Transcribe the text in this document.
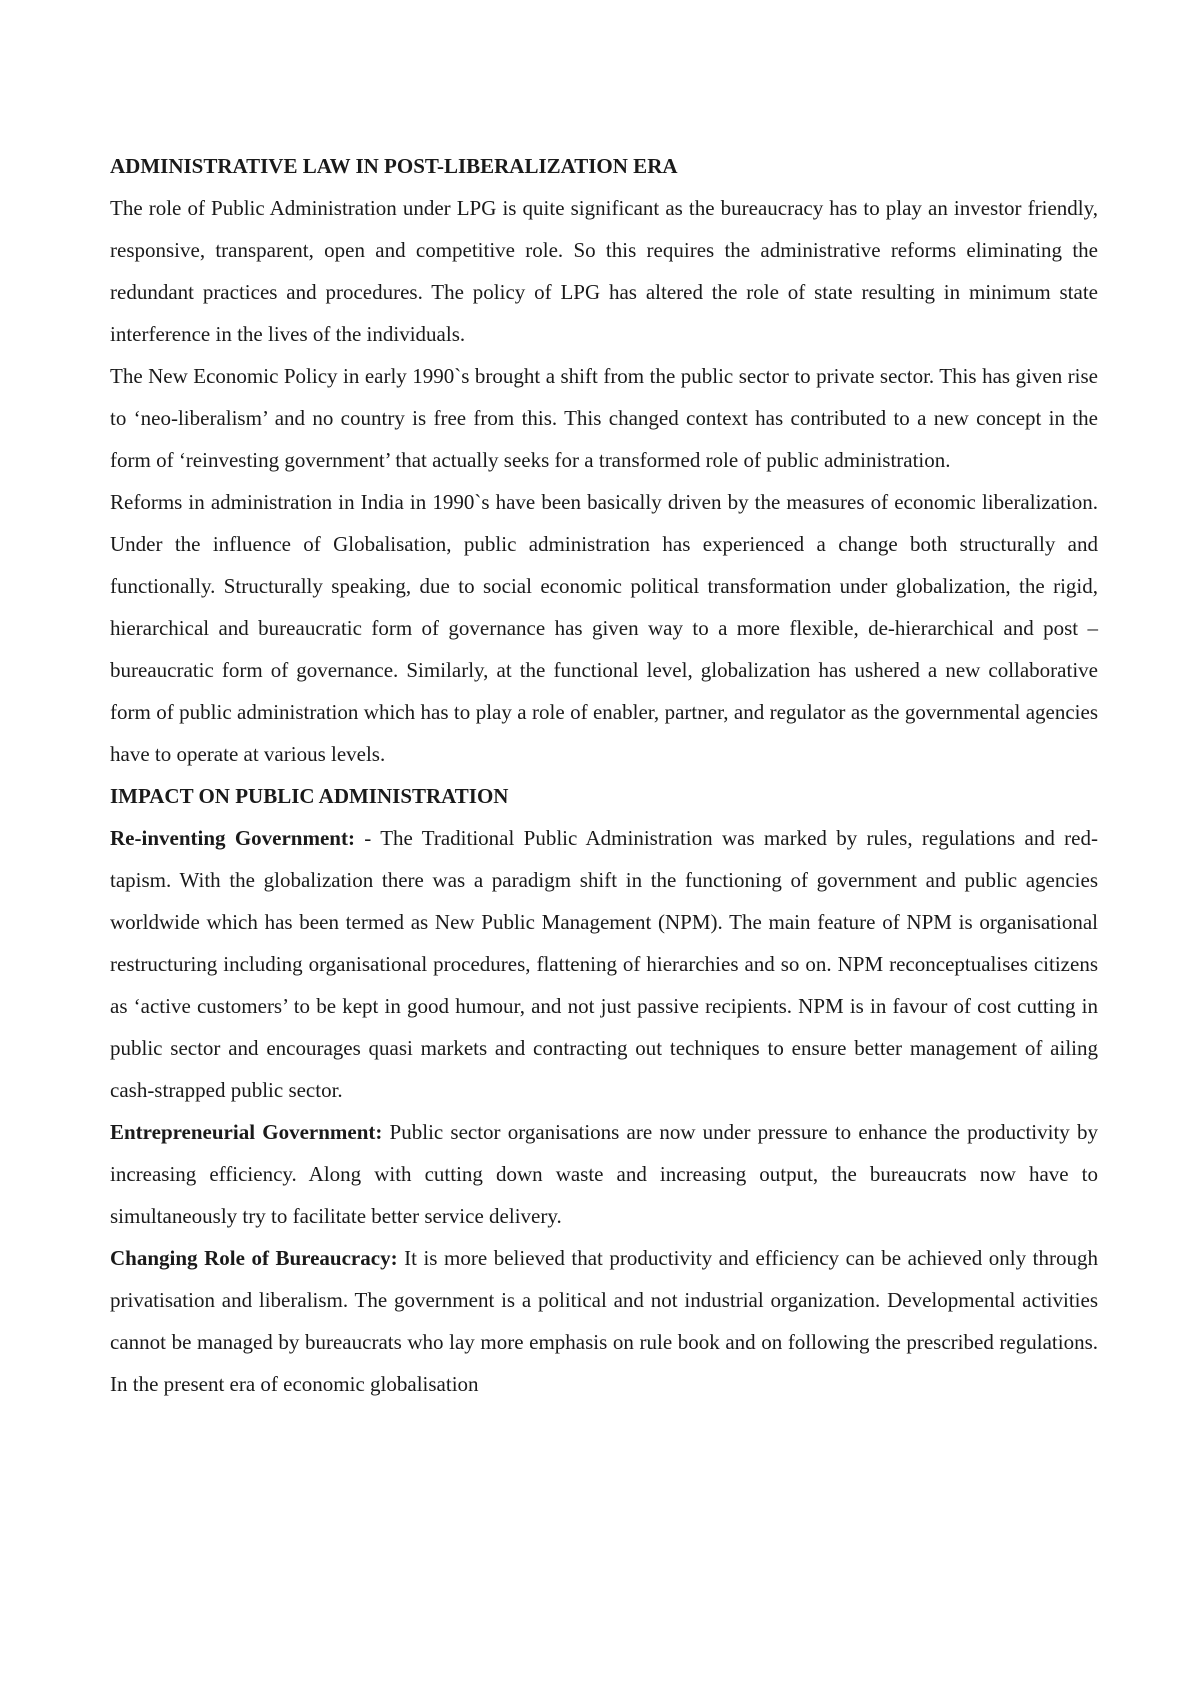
ADMINISTRATIVE LAW IN POST-LIBERALIZATION ERA

The role of Public Administration under LPG is quite significant as the bureaucracy has to play an investor friendly, responsive, transparent, open and competitive role. So this requires the administrative reforms eliminating the redundant practices and procedures. The policy of LPG has altered the role of state resulting in minimum state interference in the lives of the individuals.

The New Economic Policy in early 1990`s brought a shift from the public sector to private sector. This has given rise to ‘neo-liberalism’ and no country is free from this. This changed context has contributed to a new concept in the form of ‘reinvesting government’ that actually seeks for a transformed role of public administration.

Reforms in administration in India in 1990`s have been basically driven by the measures of economic liberalization. Under the influence of Globalisation, public administration has experienced a change both structurally and functionally. Structurally speaking, due to social economic political transformation under globalization, the rigid, hierarchical and bureaucratic form of governance has given way to a more flexible, de-hierarchical and post –bureaucratic form of governance. Similarly, at the functional level, globalization has ushered a new collaborative form of public administration which has to play a role of enabler, partner, and regulator as the governmental agencies have to operate at various levels.

IMPACT ON PUBLIC ADMINISTRATION

Re-inventing Government: - The Traditional Public Administration was marked by rules, regulations and red-tapism. With the globalization there was a paradigm shift in the functioning of government and public agencies worldwide which has been termed as New Public Management (NPM). The main feature of NPM is organisational restructuring including organisational procedures, flattening of hierarchies and so on. NPM reconceptualises citizens as ‘active customers’ to be kept in good humour, and not just passive recipients. NPM is in favour of cost cutting in public sector and encourages quasi markets and contracting out techniques to ensure better management of ailing cash-strapped public sector.

Entrepreneurial Government: Public sector organisations are now under pressure to enhance the productivity by increasing efficiency. Along with cutting down waste and increasing output, the bureaucrats now have to simultaneously try to facilitate better service delivery.

Changing Role of Bureaucracy: It is more believed that productivity and efficiency can be achieved only through privatisation and liberalism. The government is a political and not industrial organization. Developmental activities cannot be managed by bureaucrats who lay more emphasis on rule book and on following the prescribed regulations. In the present era of economic globalisation
